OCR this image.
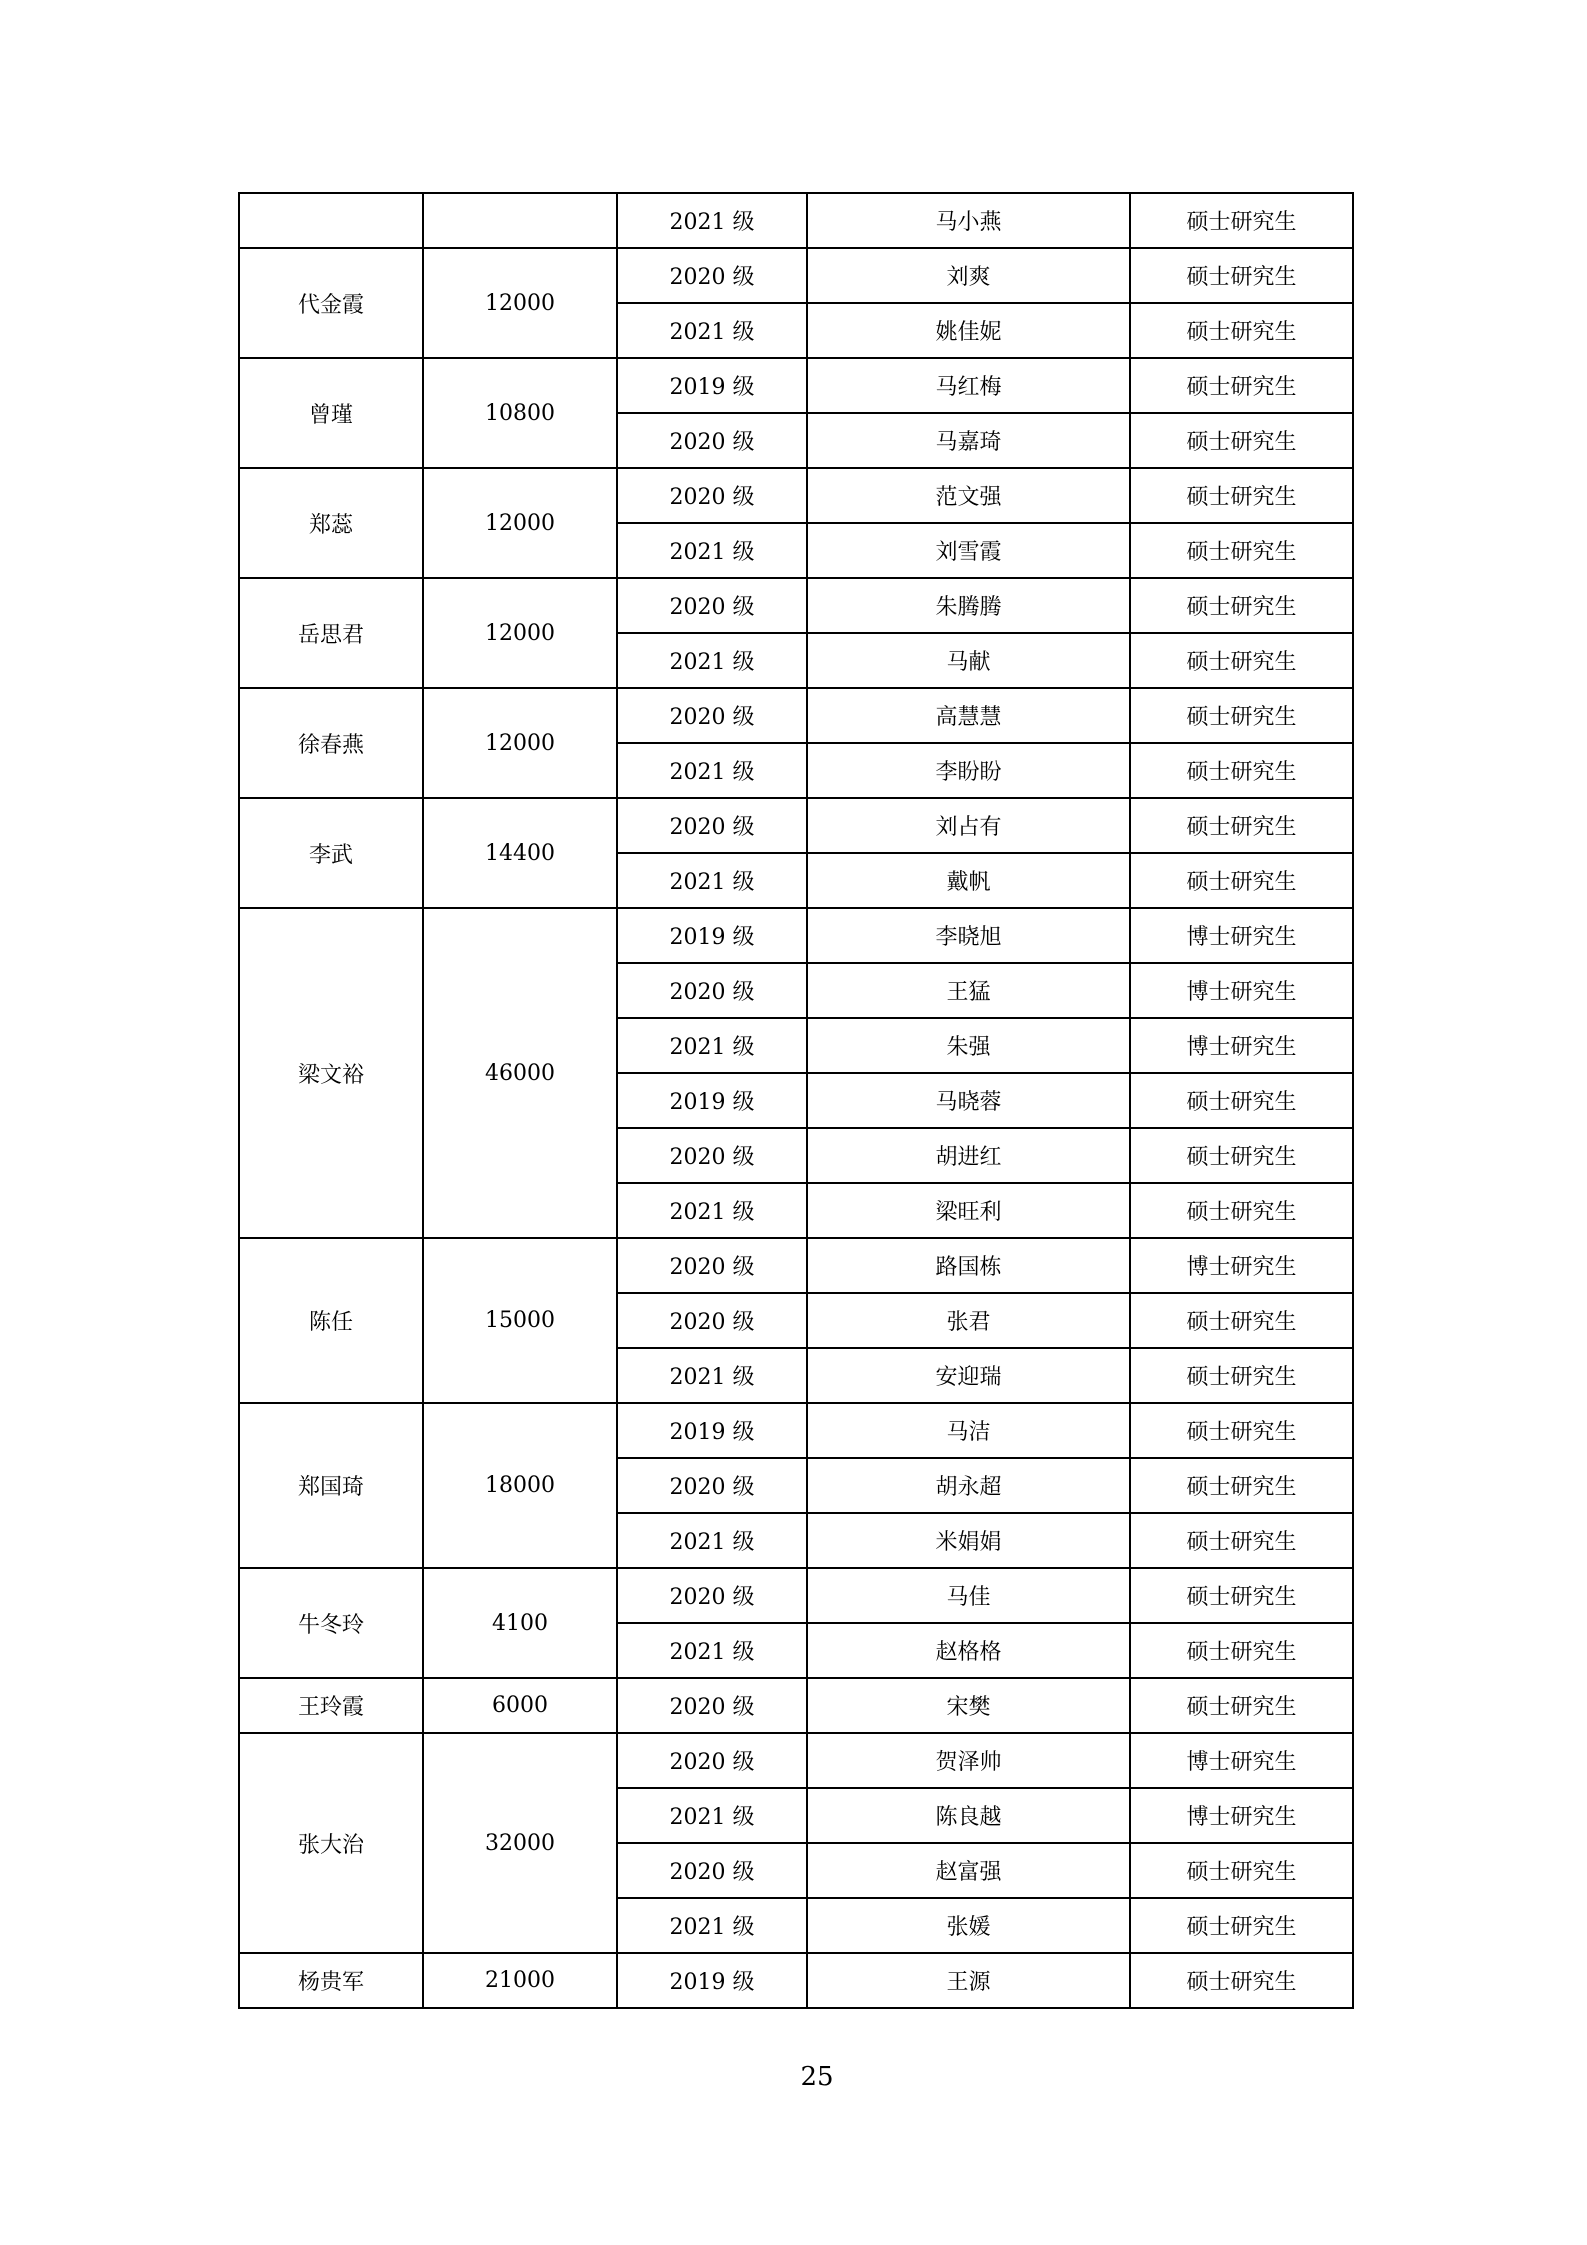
		2021 级	马小燕	硕士研究生
代金霞	12000	2020 级	刘爽	硕士研究生
		2021 级	姚佳妮	硕士研究生
曾瑾	10800	2019 级	马红梅	硕士研究生
		2020 级	马嘉琦	硕士研究生
郑蕊	12000	2020 级	范文强	硕士研究生
		2021 级	刘雪霞	硕士研究生
岳思君	12000	2020 级	朱腾腾	硕士研究生
		2021 级	马献	硕士研究生
徐春燕	12000	2020 级	高慧慧	硕士研究生
		2021 级	李盼盼	硕士研究生
李武	14400	2020 级	刘占有	硕士研究生
		2021 级	戴帆	硕士研究生
梁文裕	46000	2019 级	李晓旭	博士研究生
		2020 级	王猛	博士研究生
		2021 级	朱强	博士研究生
		2019 级	马晓蓉	硕士研究生
		2020 级	胡进红	硕士研究生
		2021 级	梁旺利	硕士研究生
陈任	15000	2020 级	路国栋	博士研究生
		2020 级	张君	硕士研究生
		2021 级	安迎瑞	硕士研究生
郑国琦	18000	2019 级	马洁	硕士研究生
		2020 级	胡永超	硕士研究生
		2021 级	米娟娟	硕士研究生
牛冬玲	4100	2020 级	马佳	硕士研究生
		2021 级	赵格格	硕士研究生
王玲霞	6000	2020 级	宋樊	硕士研究生
张大治	32000	2020 级	贺泽帅	博士研究生
		2021 级	陈良越	博士研究生
		2020 级	赵富强	硕士研究生
		2021 级	张媛	硕士研究生
杨贵军	21000	2019 级	王源	硕士研究生
25
